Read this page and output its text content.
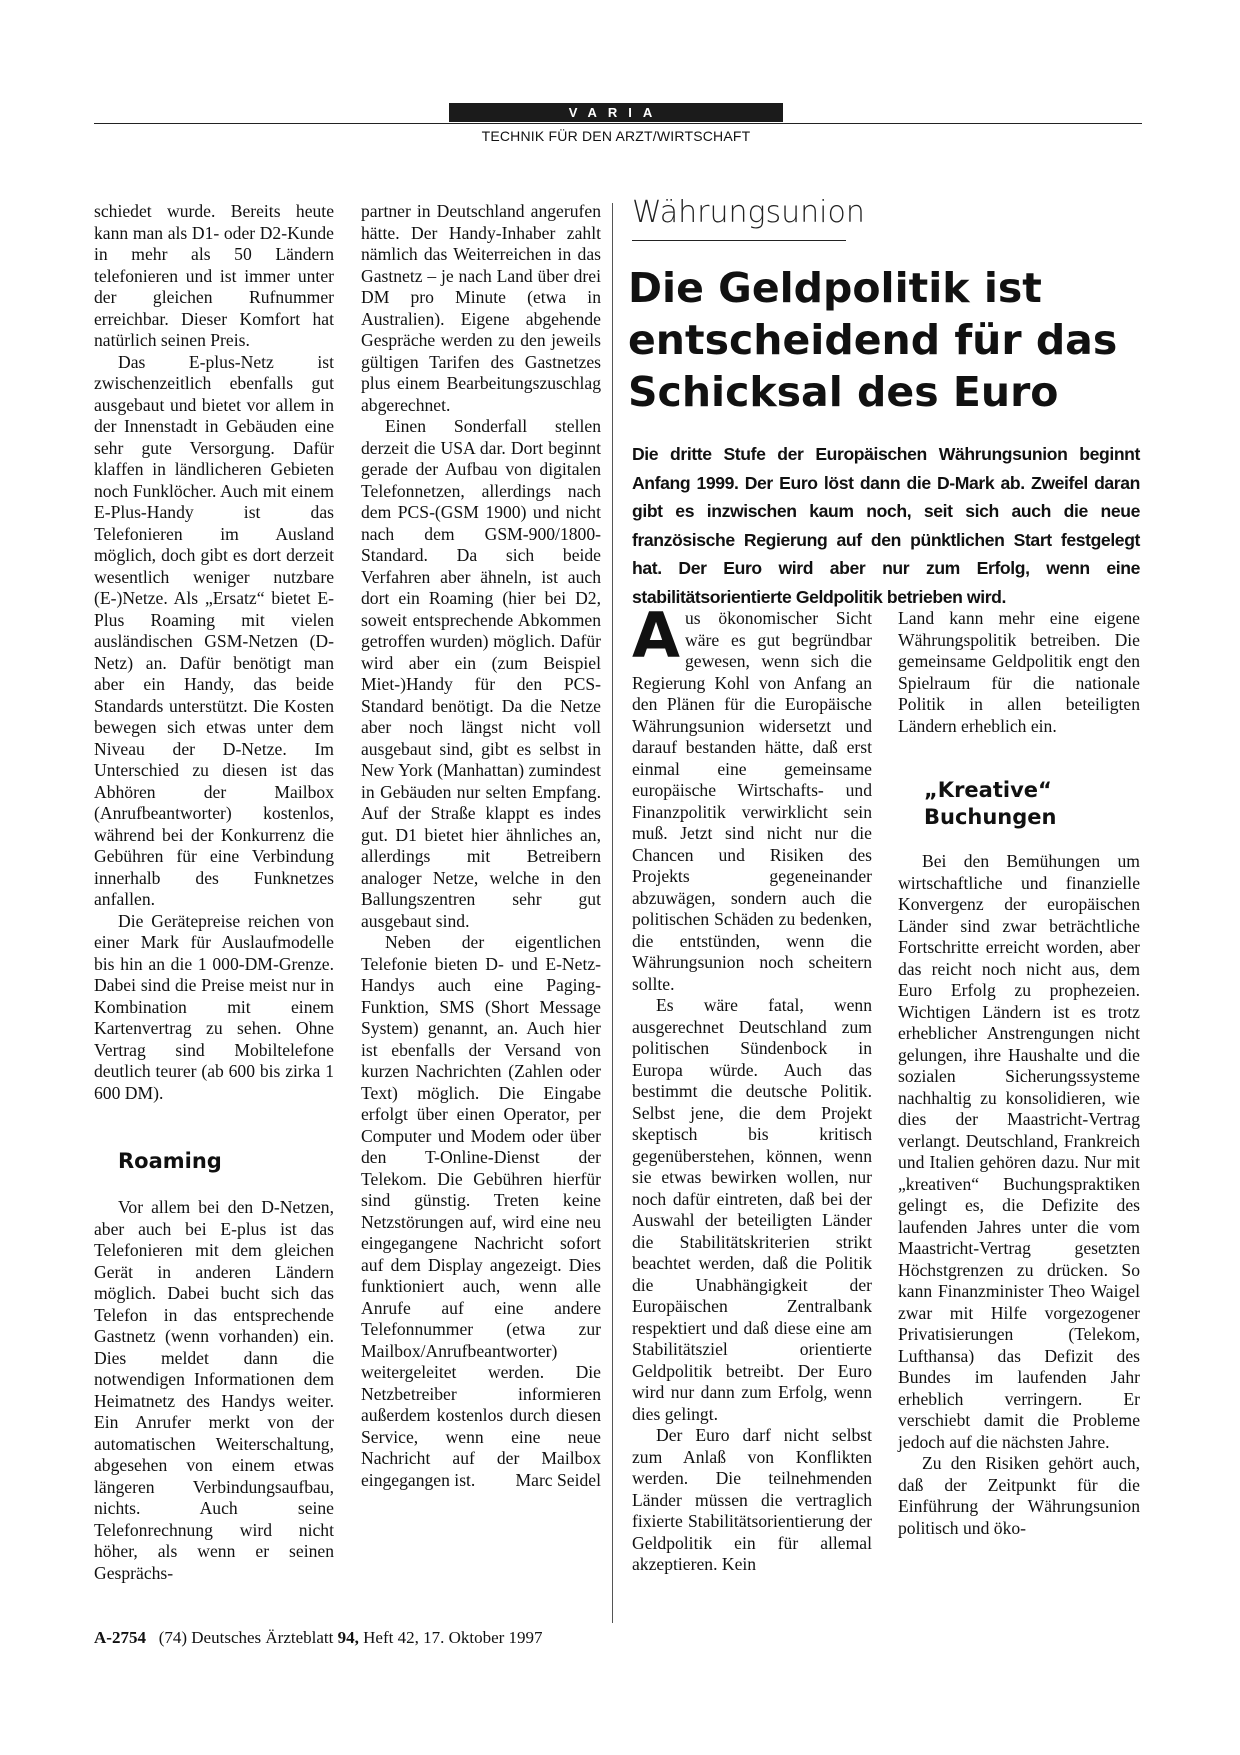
VARIA
TECHNIK FÜR DEN ARZT/WIRTSCHAFT

schiedet wurde. Bereits heute kann man als D1- oder D2-Kunde in mehr als 50 Ländern telefonieren und ist immer unter der gleichen Rufnummer erreichbar. Dieser Komfort hat natürlich seinen Preis.

Das E-plus-Netz ist zwischenzeitlich ebenfalls gut ausgebaut und bietet vor allem in der Innenstadt in Gebäuden eine sehr gute Versorgung. Dafür klaffen in ländlicheren Gebieten noch Funklöcher. Auch mit einem E-Plus-Handy ist das Telefonieren im Ausland möglich, doch gibt es dort derzeit wesentlich weniger nutzbare (E-)Netze. Als „Ersatz“ bietet E-Plus Roaming mit vielen ausländischen GSM-Netzen (D-Netz) an. Dafür benötigt man aber ein Handy, das beide Standards unterstützt. Die Kosten bewegen sich etwas unter dem Niveau der D-Netze. Im Unterschied zu diesen ist das Abhören der Mailbox (Anrufbeantworter) kostenlos, während bei der Konkurrenz die Gebühren für eine Verbindung innerhalb des Funknetzes anfallen.

Die Gerätepreise reichen von einer Mark für Auslaufmodelle bis hin an die 1 000-DM-Grenze. Dabei sind die Preise meist nur in Kombination mit einem Kartenvertrag zu sehen. Ohne Vertrag sind Mobiltelefone deutlich teurer (ab 600 bis zirka 1 600 DM).

Roaming

Vor allem bei den D-Netzen, aber auch bei E-plus ist das Telefonieren mit dem gleichen Gerät in anderen Ländern möglich. Dabei bucht sich das Telefon in das entsprechende Gastnetz (wenn vorhanden) ein. Dies meldet dann die notwendigen Informationen dem Heimatnetz des Handys weiter. Ein Anrufer merkt von der automatischen Weiterschaltung, abgesehen von einem etwas längeren Verbindungsaufbau, nichts. Auch seine Telefonrechnung wird nicht höher, als wenn er seinen Gesprächs-

partner in Deutschland angerufen hätte. Der Handy-Inhaber zahlt nämlich das Weiterreichen in das Gastnetz – je nach Land über drei DM pro Minute (etwa in Australien). Eigene abgehende Gespräche werden zu den jeweils gültigen Tarifen des Gastnetzes plus einem Bearbeitungszuschlag abgerechnet.

Einen Sonderfall stellen derzeit die USA dar. Dort beginnt gerade der Aufbau von digitalen Telefonnetzen, allerdings nach dem PCS-(GSM 1900) und nicht nach dem GSM-900/1800-Standard. Da sich beide Verfahren aber ähneln, ist auch dort ein Roaming (hier bei D2, soweit entsprechende Abkommen getroffen wurden) möglich. Dafür wird aber ein (zum Beispiel Miet-)Handy für den PCS-Standard benötigt. Da die Netze aber noch längst nicht voll ausgebaut sind, gibt es selbst in New York (Manhattan) zumindest in Gebäuden nur selten Empfang. Auf der Straße klappt es indes gut. D1 bietet hier ähnliches an, allerdings mit Betreibern analoger Netze, welche in den Ballungszentren sehr gut ausgebaut sind.

Neben der eigentlichen Telefonie bieten D- und E-Netz-Handys auch eine Paging-Funktion, SMS (Short Message System) genannt, an. Auch hier ist ebenfalls der Versand von kurzen Nachrichten (Zahlen oder Text) möglich. Die Eingabe erfolgt über einen Operator, per Computer und Modem oder über den T-Online-Dienst der Telekom. Die Gebühren hierfür sind günstig. Treten keine Netzstörungen auf, wird eine neu eingegangene Nachricht sofort auf dem Display angezeigt. Dies funktioniert auch, wenn alle Anrufe auf eine andere Telefonnummer (etwa zur Mailbox/Anrufbeantworter) weitergeleitet werden. Die Netzbetreiber informieren außerdem kostenlos durch diesen Service, wenn eine neue Nachricht auf der Mailbox eingegangen ist.	Marc Seidel

Währungsunion
Die Geldpolitik ist entscheidend für das Schicksal des Euro

Die dritte Stufe der Europäischen Währungsunion beginnt Anfang 1999. Der Euro löst dann die D-Mark ab. Zweifel daran gibt es inzwischen kaum noch, seit sich auch die neue französische Regierung auf den pünktlichen Start festgelegt hat. Der Euro wird aber nur zum Erfolg, wenn eine stabilitätsorientierte Geldpolitik betrieben wird.

Aus ökonomischer Sicht wäre es gut begründbar gewesen, wenn sich die Regierung Kohl von Anfang an den Plänen für die Europäische Währungsunion widersetzt und darauf bestanden hätte, daß erst einmal eine gemeinsame europäische Wirtschafts- und Finanzpolitik verwirklicht sein muß. Jetzt sind nicht nur die Chancen und Risiken des Projekts gegeneinander abzuwägen, sondern auch die politischen Schäden zu bedenken, die entstünden, wenn die Währungsunion noch scheitern sollte.

Es wäre fatal, wenn ausgerechnet Deutschland zum politischen Sündenbock in Europa würde. Auch das bestimmt die deutsche Politik. Selbst jene, die dem Projekt skeptisch bis kritisch gegenüberstehen, können, wenn sie etwas bewirken wollen, nur noch dafür eintreten, daß bei der Auswahl der beteiligten Länder die Stabilitätskriterien strikt beachtet werden, daß die Politik die Unabhängigkeit der Europäischen Zentralbank respektiert und daß diese eine am Stabilitätsziel orientierte Geldpolitik betreibt. Der Euro wird nur dann zum Erfolg, wenn dies gelingt.

Der Euro darf nicht selbst zum Anlaß von Konflikten werden. Die teilnehmenden Länder müssen die vertraglich fixierte Stabilitätsorientierung der Geldpolitik ein für allemal akzeptieren. Kein

Land kann mehr eine eigene Währungspolitik betreiben. Die gemeinsame Geldpolitik engt den Spielraum für die nationale Politik in allen beteiligten Ländern erheblich ein.

„Kreative“ Buchungen

Bei den Bemühungen um wirtschaftliche und finanzielle Konvergenz der europäischen Länder sind zwar beträchtliche Fortschritte erreicht worden, aber das reicht noch nicht aus, dem Euro Erfolg zu prophezeien. Wichtigen Ländern ist es trotz erheblicher Anstrengungen nicht gelungen, ihre Haushalte und die sozialen Sicherungssysteme nachhaltig zu konsolidieren, wie dies der Maastricht-Vertrag verlangt. Deutschland, Frankreich und Italien gehören dazu. Nur mit „kreativen“ Buchungspraktiken gelingt es, die Defizite des laufenden Jahres unter die vom Maastricht-Vertrag gesetzten Höchstgrenzen zu drücken. So kann Finanzminister Theo Waigel zwar mit Hilfe vorgezogener Privatisierungen (Telekom, Lufthansa) das Defizit des Bundes im laufenden Jahr erheblich verringern. Er verschiebt damit die Probleme jedoch auf die nächsten Jahre.

Zu den Risiken gehört auch, daß der Zeitpunkt für die Einführung der Währungsunion politisch und öko-

A-2754 (74) Deutsches Ärzteblatt 94, Heft 42, 17. Oktober 1997
